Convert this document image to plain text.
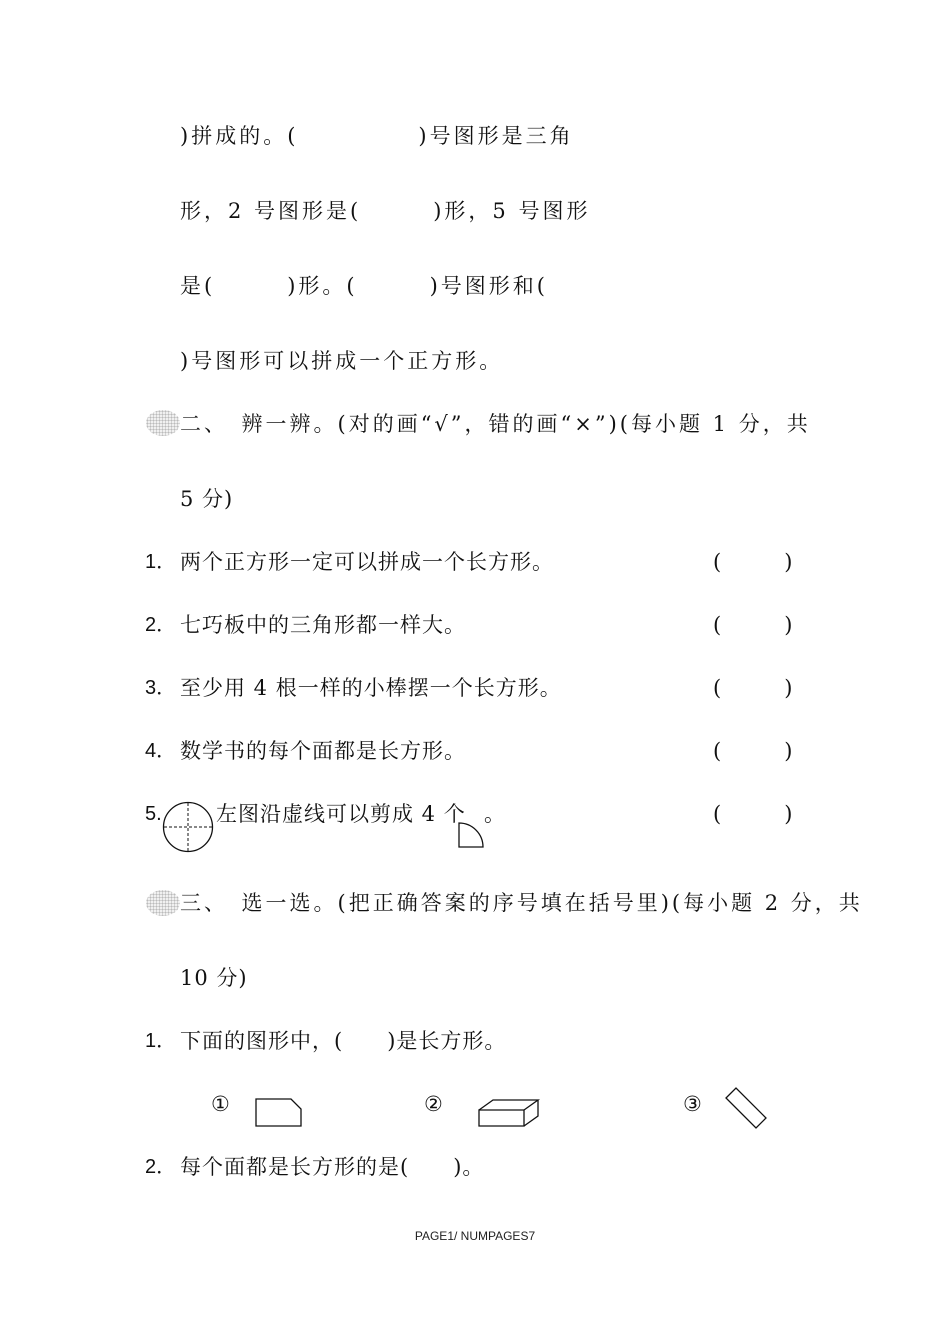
)拼成的。(　　　　　)号图形是三角
形，2 号图形是(　　　)形，5 号图形
是(　　　)形。(　　　)号图形和(
)号图形可以拼成一个正方形。
二、　辨一辨。(对的画“√”，错的画“×”)(每小题 1 分，共
5 分)
1． 两个正方形一定可以拼成一个长方形。	(　　　)
2． 七巧板中的三角形都一样大。	(　　　)
3． 至少用 4 根一样的小棒摆一个长方形。	(　　　)
4． 数学书的每个面都是长方形。	(　　　)
5.	左图沿虚线可以剪成 4 个 。	(　　　)
三、　选一选。(把正确答案的序号填在括号里)(每小题 2 分，共
10 分)
1． 下面的图形中，(　　)是长方形。
①	②	③
2． 每个面都是长方形的是(　　)。
PAGE1/ NUMPAGES7
